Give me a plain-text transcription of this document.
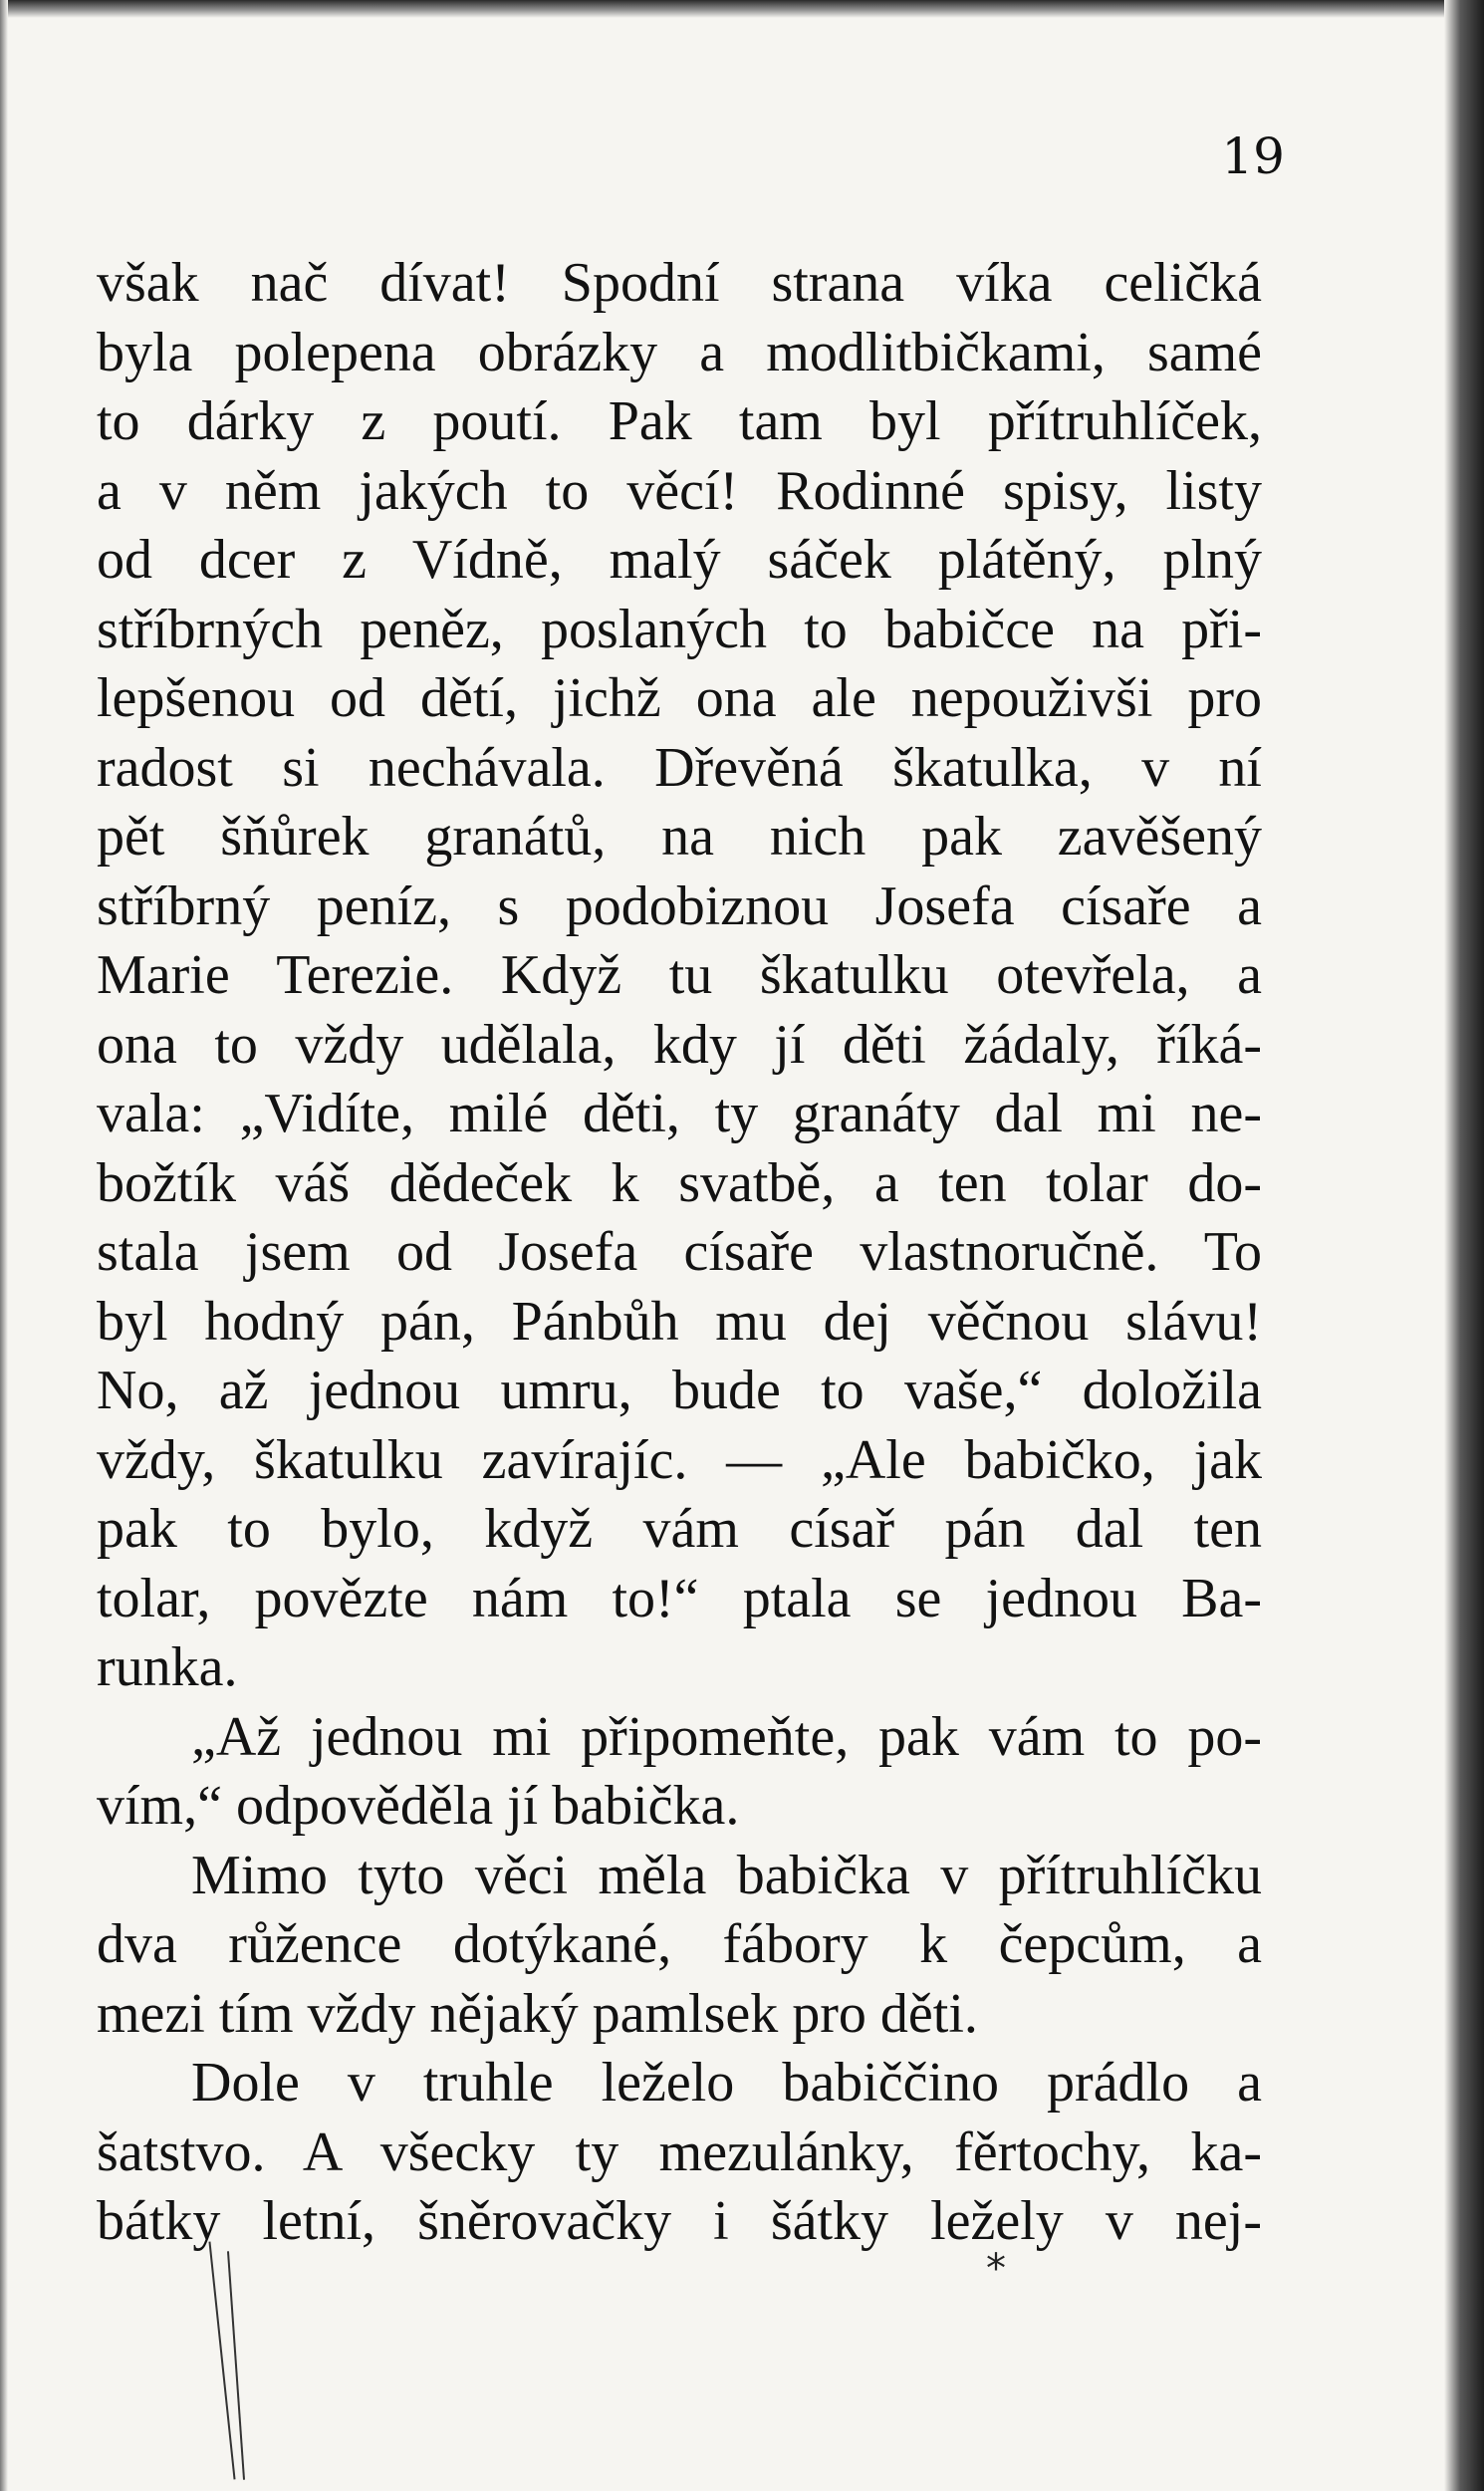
19
však nač dívat! Spodní strana víka celičká
byla polepena obrázky a modlitbičkami, samé
to dárky z poutí. Pak tam byl přítruhlíček,
a v něm jakých to věcí! Rodinné spisy, listy
od dcer z Vídně, malý sáček plátěný, plný
stříbrných peněz, poslaných to babičce na při-
lepšenou od dětí, jichž ona ale nepouživši pro
radost si nechávala. Dřevěná škatulka, v ní
pět šňůrek granátů, na nich pak zavěšený
stříbrný peníz, s podobiznou Josefa císaře a
Marie Terezie. Když tu škatulku otevřela, a
ona to vždy udělala, kdy jí děti žádaly, říká-
vala: „Vidíte, milé děti, ty granáty dal mi ne-
božtík váš dědeček k svatbě, a ten tolar do-
stala jsem od Josefa císaře vlastnoručně. To
byl hodný pán, Pánbůh mu dej věčnou slávu!
No, až jednou umru, bude to vaše,“ doložila
vždy, škatulku zavírajíc. — „Ale babičko, jak
pak to bylo, když vám císař pán dal ten
tolar, povězte nám to!“ ptala se jednou Ba-
runka.
„Až jednou mi připomeňte, pak vám to po-
vím,“ odpověděla jí babička.
Mimo tyto věci měla babička v přítruhlíčku
dva růžence dotýkané, fábory k čepcům, a
mezi tím vždy nějaký pamlsek pro děti.
Dole v truhle leželo babiččino prádlo a
šatstvo. A všecky ty mezulánky, fěrtochy, ka-
bátky letní, šněrovačky i šátky ležely v nej-
*
